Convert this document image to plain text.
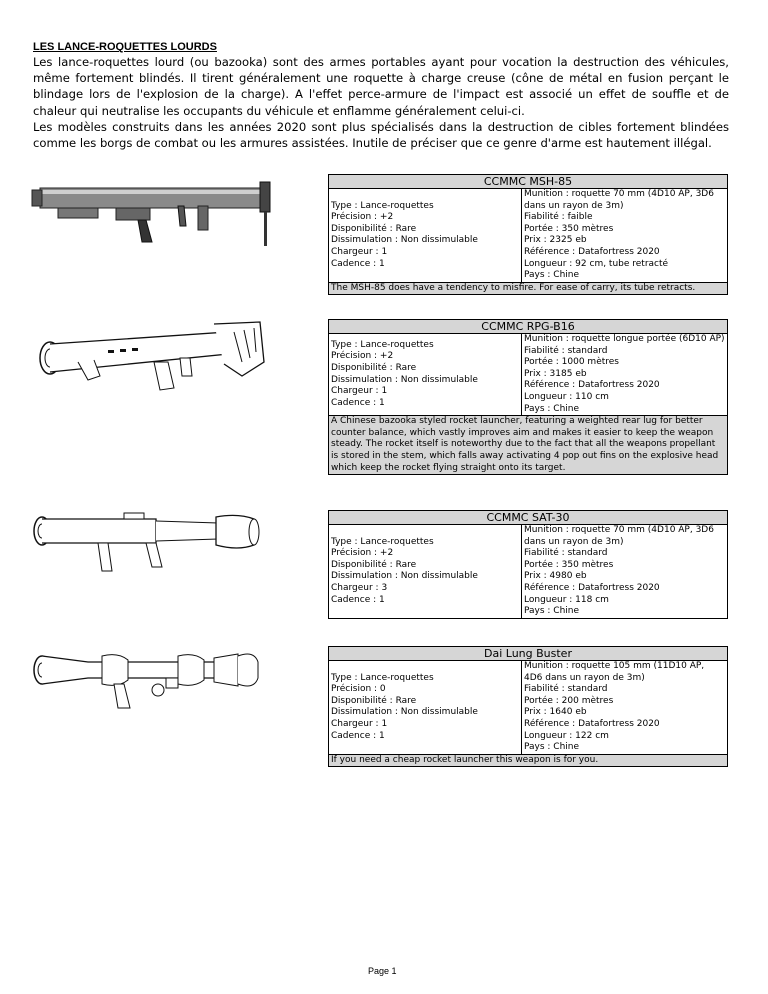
LES LANCE-ROQUETTES LOURDS

Les lance-roquettes lourd (ou bazooka) sont des armes portables ayant pour vocation la destruction des véhicules, même fortement blindés. Il tirent généralement une roquette à charge creuse (cône de métal en fusion perçant le blindage lors de l'explosion de la charge). A l'effet perce-armure de l'impact est associé un effet de souffle et de chaleur qui neutralise les occupants du véhicule et enflamme généralement celui-ci.

Les modèles construits dans les années 2020 sont plus spécialisés dans la destruction de cibles fortement blindées comme les borgs de combat ou les armures assistées. Inutile de préciser que ce genre d'arme est hautement illégal.

CCMMC MSH-85
Type : Lance-roquettes
Précision : +2
Disponibilité : Rare
Dissimulation : Non dissimulable
Chargeur : 1
Cadence : 1
Munition : roquette 70 mm (4D10 AP, 3D6 dans un rayon de 3m)
Fiabilité : faible
Portée : 350 mètres
Prix : 2325 eb
Référence : Datafortress 2020
Longueur : 92 cm, tube retracté
Pays : Chine
The MSH-85 does have a tendency to misfire. For ease of carry, its tube retracts.
CCMMC RPG-B16
Type : Lance-roquettes
Précision : +2
Disponibilité : Rare
Dissimulation : Non dissimulable
Chargeur : 1
Cadence : 1
Munition : roquette longue portée (6D10 AP)
Fiabilité : standard
Portée : 1000 mètres
Prix : 3185 eb
Référence : Datafortress 2020
Longueur : 110 cm
Pays : Chine
A Chinese bazooka styled rocket launcher, featuring a weighted rear lug for better counter balance, which vastly improves aim and makes it easier to keep the weapon steady. The rocket itself is noteworthy due to the fact that all the weapons propellant is stored in the stem, which falls away activating 4 pop out fins on the explosive head which keep the rocket flying straight onto its target.
CCMMC SAT-30
Type : Lance-roquettes
Précision : +2
Disponibilité : Rare
Dissimulation : Non dissimulable
Chargeur : 3
Cadence : 1
Munition : roquette 70 mm (4D10 AP, 3D6 dans un rayon de 3m)
Fiabilité : standard
Portée : 350 mètres
Prix : 4980 eb
Référence : Datafortress 2020
Longueur : 118 cm
Pays : Chine
Dai Lung Buster
Type : Lance-roquettes
Précision : 0
Disponibilité : Rare
Dissimulation : Non dissimulable
Chargeur : 1
Cadence : 1
Munition : roquette 105 mm (11D10 AP, 4D6 dans un rayon de 3m)
Fiabilité : standard
Portée : 200 mètres
Prix : 1640 eb
Référence : Datafortress 2020
Longueur : 122 cm
Pays : Chine
If you need a cheap rocket launcher this weapon is for you.
Page 1
